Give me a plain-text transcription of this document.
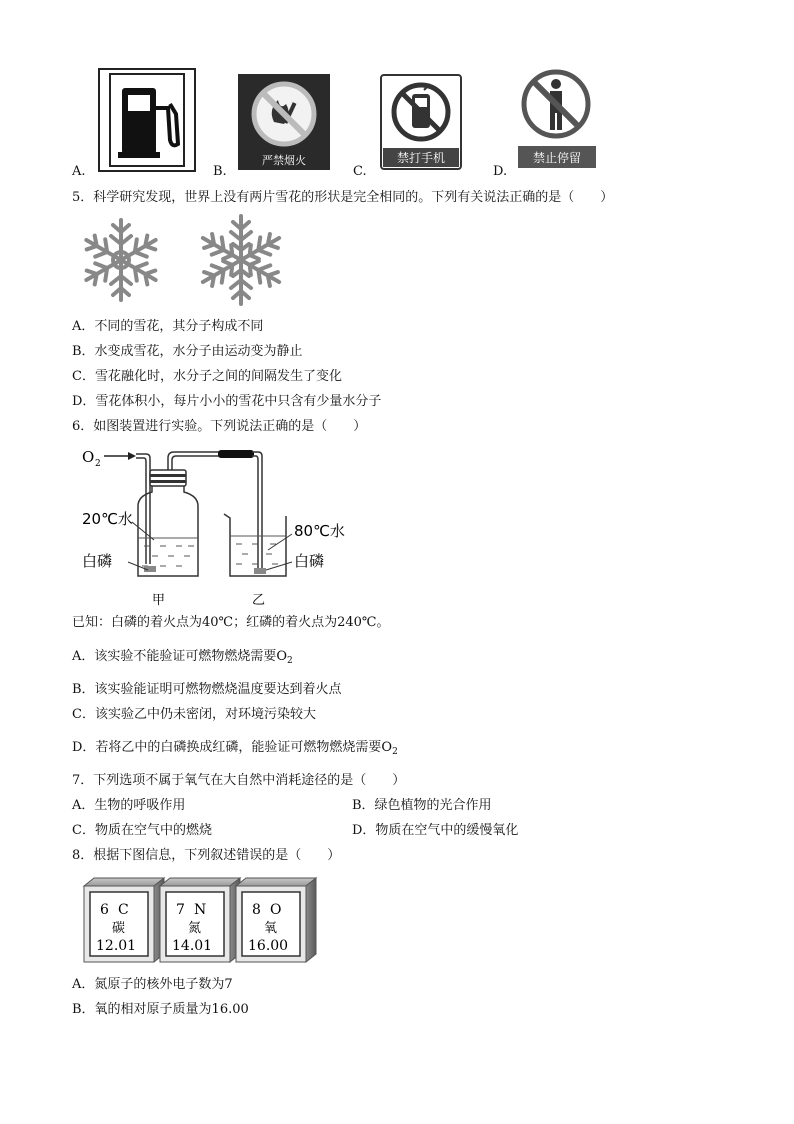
A.	B.
严禁烟火
C.
禁打手机
D.
禁止停留
5．科学研究发现，世界上没有两片雪花的形状是完全相同的。下列有关说法正确的是（　　）
A．不同的雪花，其分子构成不同
B．水变成雪花，水分子由运动变为静止
C．雪花融化时，水分子之间的间隔发生了变化
D．雪花体积小，每片小小的雪花中只含有少量水分子
6．如图装置进行实验。下列说法正确的是（　　）
O 2
20℃水
白磷
80℃水
白磷
甲	乙
已知：白磷的着火点为40℃；红磷的着火点为240℃。
A．该实验不能验证可燃物燃烧需要$O_2$
B．该实验能证明可燃物燃烧温度要达到着火点
C．该实验乙中仍未密闭，对环境污染较大
D．若将乙中的白磷换成红磷，能验证可燃物燃烧需要$O_2$
7．下列选项不属于氧气在大自然中消耗途径的是（　　）
A．生物的呼吸作用	B．绿色植物的光合作用
C．物质在空气中的燃烧	D．物质在空气中的缓慢氧化
8．根据下图信息，下列叙述错误的是（　　）
6 C
碳
12.01
7 N
氮
14.01
8 O
氧
16.00
A．氮原子的核外电子数为7
B．氧的相对原子质量为16.00
